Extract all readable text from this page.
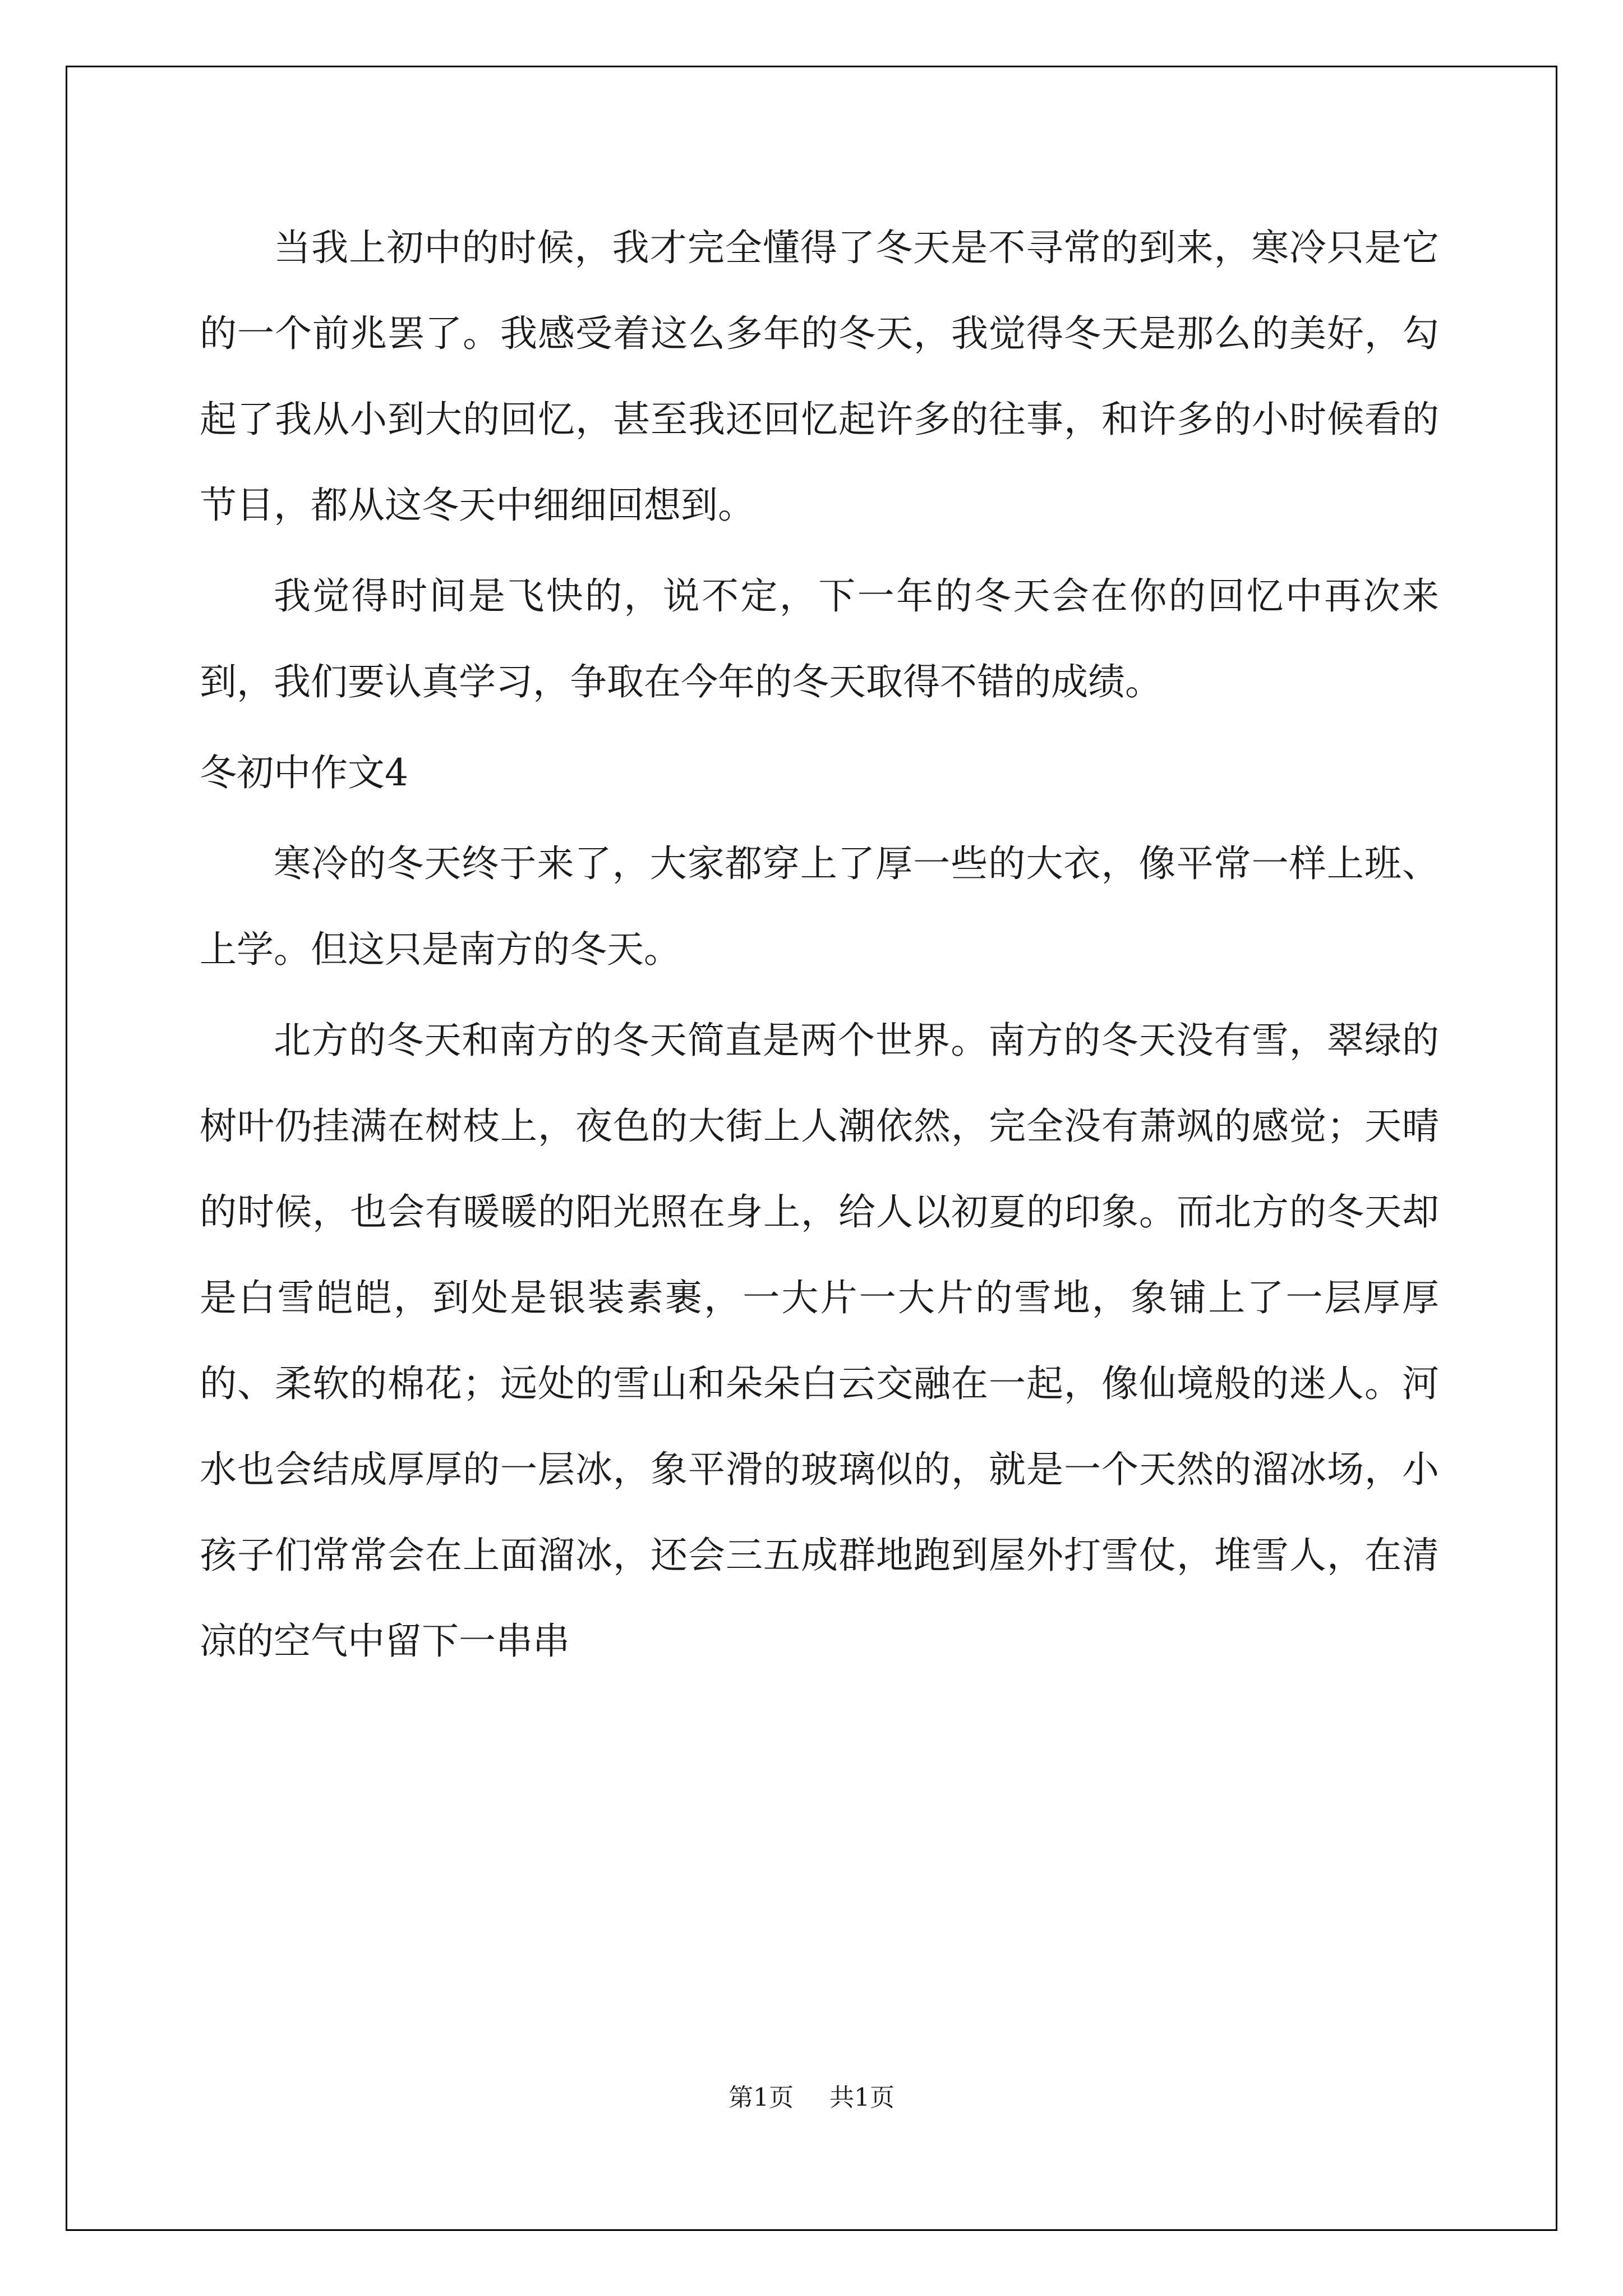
当我上初中的时候，我才完全懂得了冬天是不寻常的到来，寒冷只是它的一个前兆罢了。我感受着这么多年的冬天，我觉得冬天是那么的美好，勾起了我从小到大的回忆，甚至我还回忆起许多的往事，和许多的小时候看的节目，都从这冬天中细细回想到。

我觉得时间是飞快的，说不定，下一年的冬天会在你的回忆中再次来到，我们要认真学习，争取在今年的冬天取得不错的成绩。

冬初中作文4

寒冷的冬天终于来了，大家都穿上了厚一些的大衣，像平常一样上班、上学。但这只是南方的冬天。

北方的冬天和南方的冬天简直是两个世界。南方的冬天没有雪，翠绿的树叶仍挂满在树枝上，夜色的大街上人潮依然，完全没有萧飒的感觉；天晴的时候，也会有暖暖的阳光照在身上，给人以初夏的印象。而北方的冬天却是白雪皑皑，到处是银装素裹，一大片一大片的雪地，象铺上了一层厚厚的、柔软的棉花；远处的雪山和朵朵白云交融在一起，像仙境般的迷人。河水也会结成厚厚的一层冰，象平滑的玻璃似的，就是一个天然的溜冰场，小孩子们常常会在上面溜冰，还会三五成群地跑到屋外打雪仗，堆雪人，在清凉的空气中留下一串串

第1页 共1页
